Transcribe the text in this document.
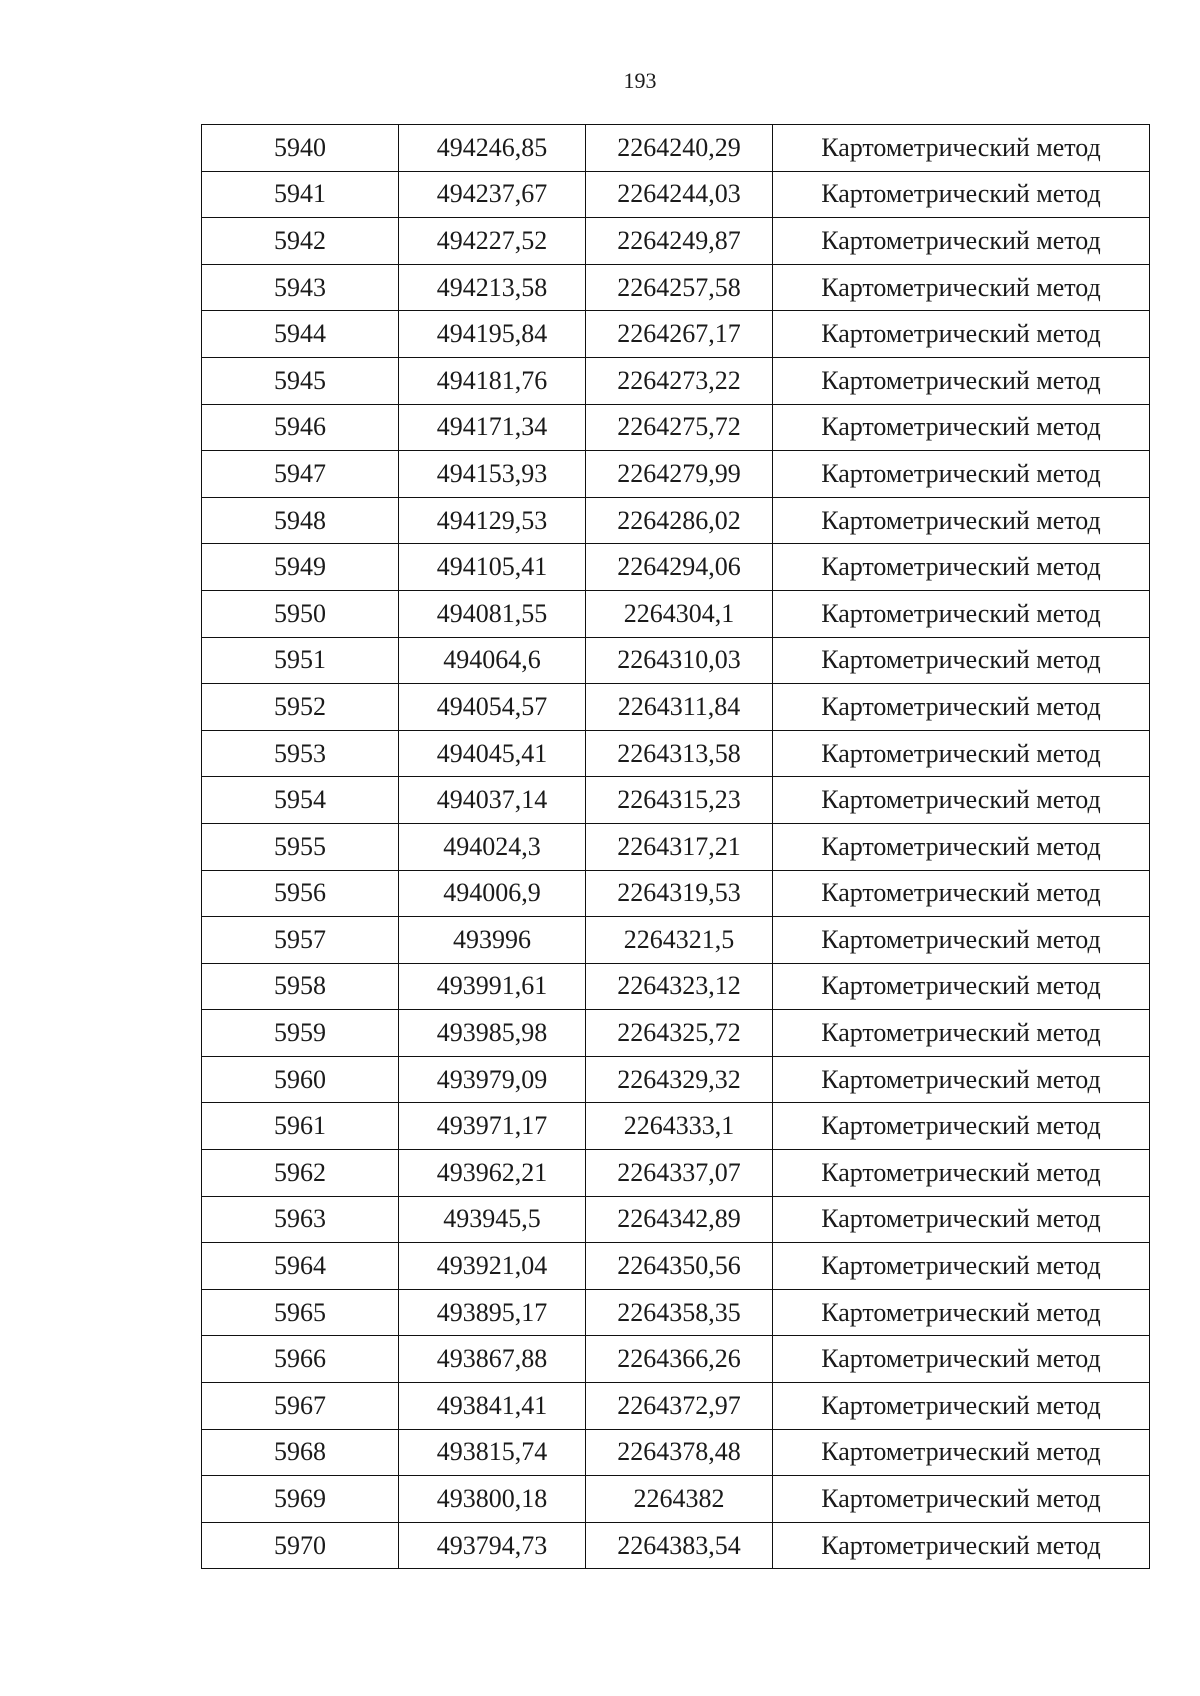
193
5940	494246,85	2264240,29	Картометрический метод
5941	494237,67	2264244,03	Картометрический метод
5942	494227,52	2264249,87	Картометрический метод
5943	494213,58	2264257,58	Картометрический метод
5944	494195,84	2264267,17	Картометрический метод
5945	494181,76	2264273,22	Картометрический метод
5946	494171,34	2264275,72	Картометрический метод
5947	494153,93	2264279,99	Картометрический метод
5948	494129,53	2264286,02	Картометрический метод
5949	494105,41	2264294,06	Картометрический метод
5950	494081,55	2264304,1	Картометрический метод
5951	494064,6	2264310,03	Картометрический метод
5952	494054,57	2264311,84	Картометрический метод
5953	494045,41	2264313,58	Картометрический метод
5954	494037,14	2264315,23	Картометрический метод
5955	494024,3	2264317,21	Картометрический метод
5956	494006,9	2264319,53	Картометрический метод
5957	493996	2264321,5	Картометрический метод
5958	493991,61	2264323,12	Картометрический метод
5959	493985,98	2264325,72	Картометрический метод
5960	493979,09	2264329,32	Картометрический метод
5961	493971,17	2264333,1	Картометрический метод
5962	493962,21	2264337,07	Картометрический метод
5963	493945,5	2264342,89	Картометрический метод
5964	493921,04	2264350,56	Картометрический метод
5965	493895,17	2264358,35	Картометрический метод
5966	493867,88	2264366,26	Картометрический метод
5967	493841,41	2264372,97	Картометрический метод
5968	493815,74	2264378,48	Картометрический метод
5969	493800,18	2264382	Картометрический метод
5970	493794,73	2264383,54	Картометрический метод
